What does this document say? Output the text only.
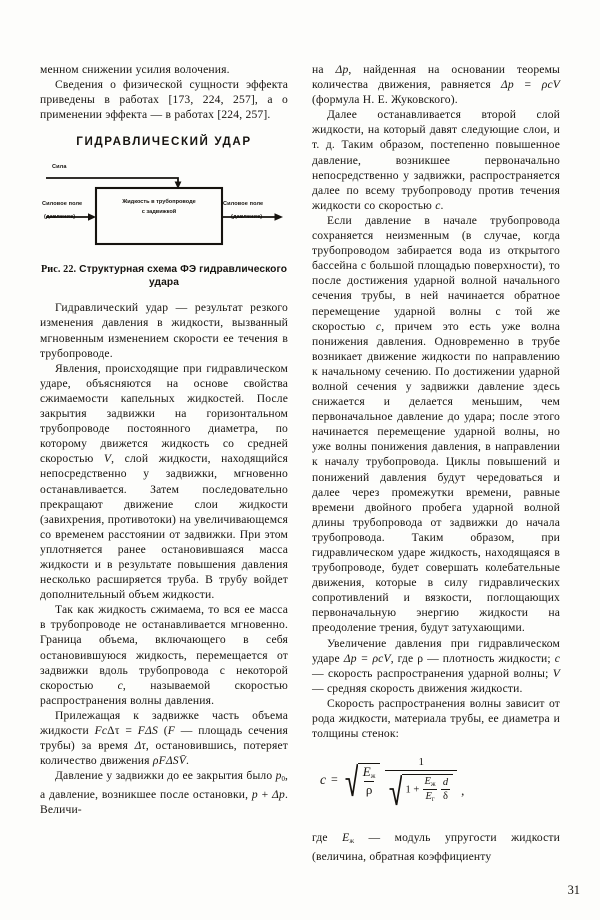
менном снижении усилия волочения.

Сведения о физической сущности эффекта приведены в работах [173, 224, 257], а о применении эффекта — в работах [224, 257].

ГИДРАВЛИЧЕСКИЙ УДАР
Сила
Силовое поле
(давление)
Силовое поле
(давление)
Жидкость в трубопроводе
с задвижкой
Рис. 22. Структурная схема ФЭ гидравлического удара

Гидравлический удар — результат резкого изменения давления в жидкости, вызванный мгновенным изменением скорости ее течения в трубопроводе.

Явления, происходящие при гидравлическом ударе, объясняются на основе свойства сжимаемости капельных жидкостей. После закрытия задвижки на горизонтальном трубопроводе постоянного диаметра, по которому движется жидкость со средней скоростью V, слой жидкости, находящийся непосредственно у задвижки, мгновенно останавливается. Затем последовательно прекращают движение слои жидкости (завихрения, противотоки) на увеличивающемся со временем расстоянии от задвижки. При этом уплотняется ранее остановившаяся масса жидкости и в результате повышения давления несколько расширяется труба. В трубу войдет дополнительный объем жидкости.

Так как жидкость сжимаема, то вся ее масса в трубопроводе не останавливается мгновенно. Граница объема, включающего в себя остановившуюся жидкость, перемещается от задвижки вдоль трубопровода с некоторой скоростью c, называемой скоростью распространения волны давления.

Прилежащая к задвижке часть объема жидкости FcΔτ = FΔS (F — площадь сечения трубы) за время Δτ, остановившись, потеряет количество движения ρFΔSV̄.

Давление у задвижки до ее закрытия было $p_0$, а давление, возникшее после остановки, p + Δp. Величи-

на Δp, найденная на основании теоремы количества движения, равняется Δp = ρcV (формула Н. Е. Жуковского).

Далее останавливается второй слой жидкости, на который давят следующие слои, и т. д. Таким образом, постепенно повышенное давление, возникшее первоначально непосредственно у задвижки, распространяется далее по всему трубопроводу против течения жидкости со скоростью c.

Если давление в начале трубопровода сохраняется неизменным (в случае, когда трубопроводом забирается вода из открытого бассейна с большой площадью поверхности), то после достижения ударной волной начального сечения трубы, в ней начинается обратное перемещение ударной волны с той же скоростью c, причем это есть уже волна понижения давления. Одновременно в трубе возникает движение жидкости по направлению к начальному сечению. По достижении ударной волной сечения у задвижки давление здесь снижается и делается меньшим, чем первоначальное давление до удара; после этого начинается перемещение ударной волны, но уже волны понижения давления, в направлении к началу трубопровода. Циклы повышений и понижений давления будут чередоваться и далее через промежутки времени, равные времени двойного пробега ударной волной длины трубопровода от задвижки до начала трубопровода. Таким образом, при гидравлическом ударе жидкость, находящаяся в трубопроводе, будет совершать колебательные движения, которые в силу гидравлических сопротивлений и вязкости, поглощающих первоначальную энергию жидкости на преодоление трения, будут затухающими.

Увеличение давления при гидравлическом ударе Δp = ρcV, где ρ — плотность жидкости; c — скорость распространения ударной волны; V — средняя скорость движения жидкости.

Скорость распространения волны зависит от рода жидкости, материала трубы, ее диаметра и толщины стенок:

c =	$\frac{E_ж}{\rho}$
1
$1 + \frac{E_ж}{E_г}$
$\frac{d}{\delta}$ ,

где $E_ж$ — модуль упругости жидкости (величина, обратная коэффициенту

31
